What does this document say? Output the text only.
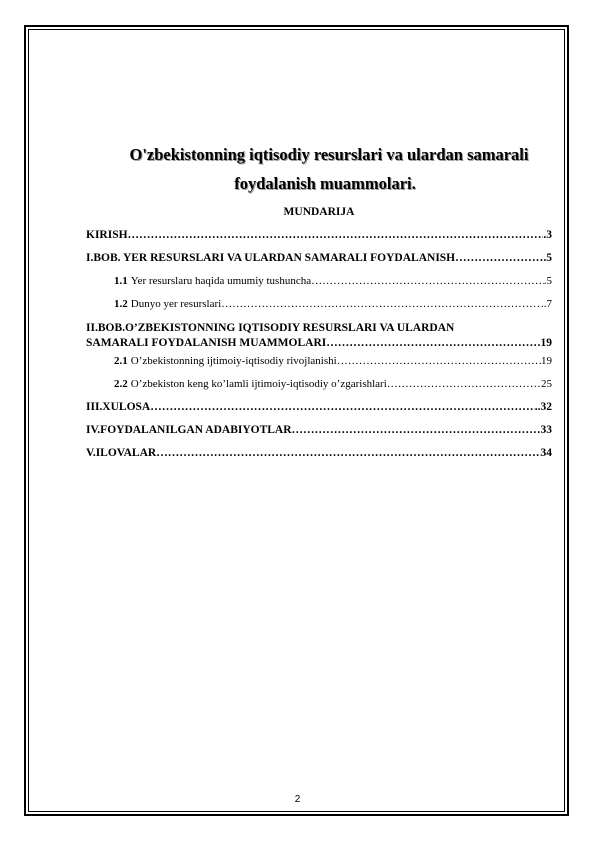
O'zbekistonning iqtisodiy resurslari va ulardan samarali
foydalanish muammolari.
MUNDARIJA
KIRISH ……………………………………………………………………………………………………………………………………………………………………	.3
I.BOB. YER RESURSLARI VA ULARDAN SAMARALI FOYDALANISH ……………………………………………………………………………………………………………………………………………………………………	.5
1.1 Yer resurslaru haqida umumiy tushuncha ……………………………………………………………………………………………………………………………………………………………………	.5
1.2 Dunyo yer resurslari ……………………………………………………………………………………………………………………………………………………………………	..7
II.BOB.O’ZBEKISTONNING IQTISODIY RESURSLARI VA ULARDAN
SAMARALI FOYDALANISH MUAMMOLARI ……………………………………………………………………………………………………………………………………………………………………	19
2.1 O’zbekistonning ijtimoiy-iqtisodiy rivojlanishi ……………………………………………………………………………………………………………………………………………………………………	19
2.2 O’zbekiston keng ko’lamli ijtimoiy-iqtisodiy o’zgarishlari ……………………………………………………………………………………………………………………………………………………………………	25
III.XULOSA ……………………………………………………………………………………………………………………………………………………………………	..32
IV.FOYDALANILGAN ADABIYOTLAR ……………………………………………………………………………………………………………………………………………………………………	33
V.ILOVALAR ……………………………………………………………………………………………………………………………………………………………………	34
2
